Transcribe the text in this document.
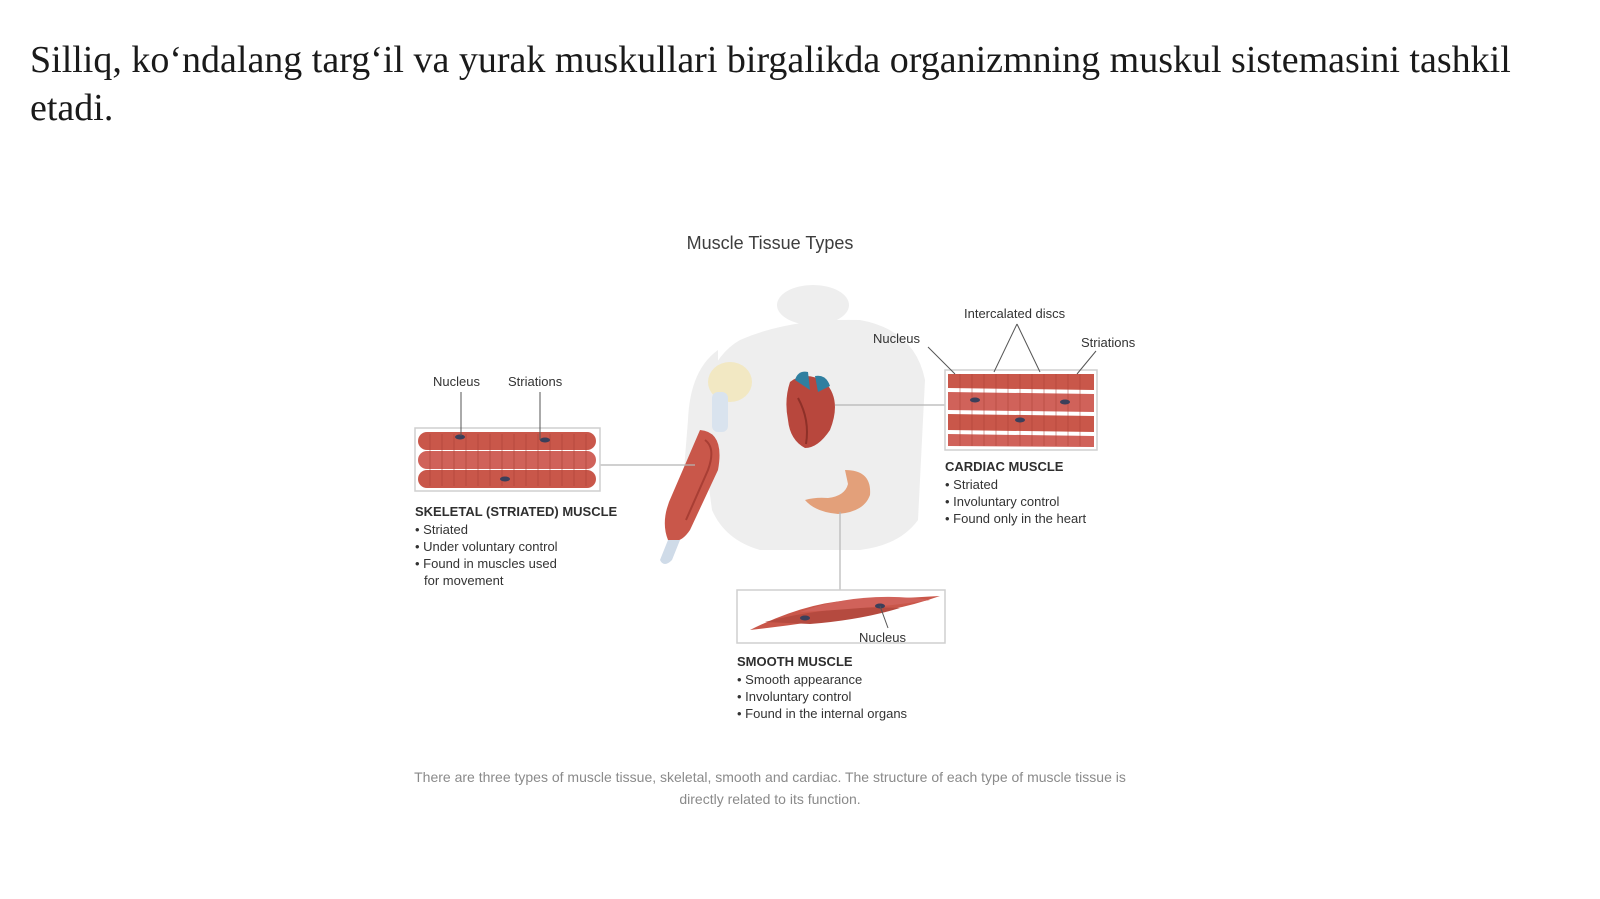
Silliq, ko‘ndalang targ‘il va yurak muskullari birgalikda organizmning muskul sistemasini tashkil etadi.
Muscle Tissue Types
Nucleus Striations
SKELETAL (STRIATED) MUSCLE
• Striated
• Under voluntary control
• Found in muscles used
for movement
Intercalated discs
Nucleus	Striations
CARDIAC MUSCLE
• Striated
• Involuntary control
• Found only in the heart
Nucleus
SMOOTH MUSCLE
• Smooth appearance
• Involuntary control
• Found in the internal organs
There are three types of muscle tissue, skeletal, smooth and cardiac. The structure of each type of muscle tissue is directly related to its function.
